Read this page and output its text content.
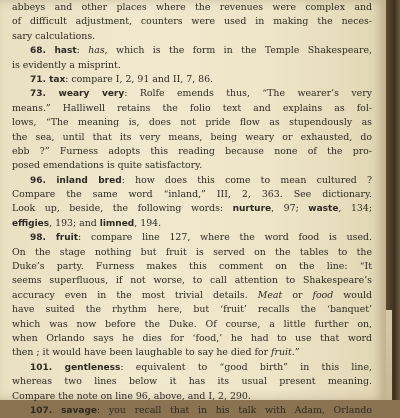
abbeys and other places where the revenues were complex and
of difficult adjustment, counters were used in making the neces-
sary calculations.
68. hast: has, which is the form in the Temple Shakespeare,
is evidently a misprint.
71. tax: compare I, 2, 91 and II, 7, 86.
73. weary very: Rolfe emends thus, “The wearer’s very
means.” Halliwell retains the folio text and explains as fol-
lows, “The meaning is, does not pride flow as stupendously as
the sea, until that its very means, being weary or exhausted, do
ebb ?” Furness adopts this reading because none of the pro-
posed emendations is quite satisfactory.
96. inland bred: how does this come to mean cultured ?
Compare the same word “inland,” III, 2, 363. See dictionary.
Look up, beside, the following words: nurture, 97; waste, 134;
effigies, 193; and limned, 194.
98. fruit: compare line 127, where the word food is used.
On the stage nothing but fruit is served on the tables to the
Duke’s party. Furness makes this comment on the line: “It
seems superfluous, if not worse, to call attention to Shakespeare’s
accuracy even in the most trivial details. Meat or food would
have suited the rhythm here, but ‘fruit’ recalls the ‘banquet’
which was now before the Duke. Of course, a little further on,
when Orlando says he dies for ‘food,’ he had to use that word
then ; it would have been laughable to say he died for fruit.”
101. gentleness: equivalent to “good birth” in this line,
whereas two lines below it has its usual present meaning.
Compare the note on line 96, above, and I, 2, 290.
107. savage: you recall that in his talk with Adam, Orlando
